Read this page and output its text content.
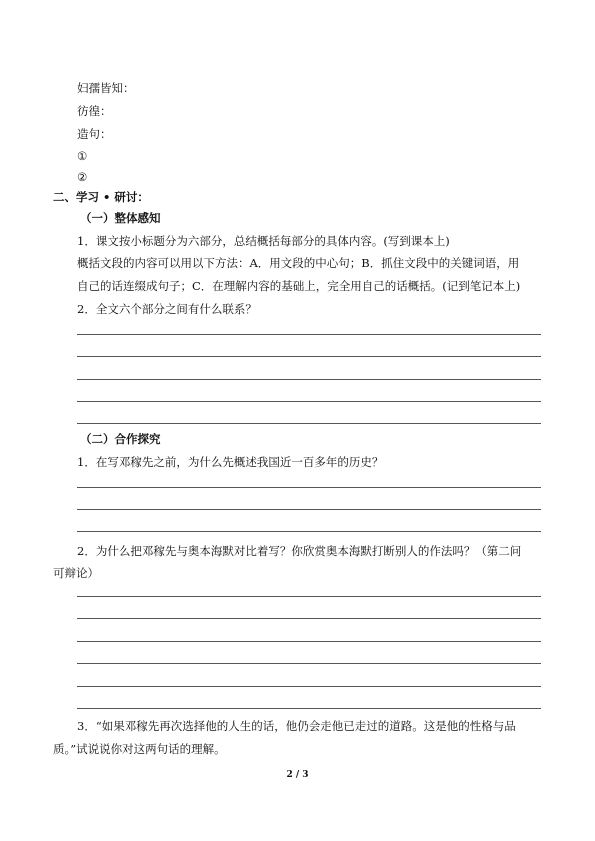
妇孺皆知：
彷徨：
造句：
①
②
二、学习 • 研讨：
（一）整体感知
1．课文按小标题分为六部分，总结概括每部分的具体内容。(写到课本上)
概括文段的内容可以用以下方法：A．用文段的中心句；B．抓住文段中的关键词语，用
自己的话连缀成句子；C．在理解内容的基础上，完全用自己的话概括。(记到笔记本上)
2．全文六个部分之间有什么联系？
（二）合作探究
1．在写邓稼先之前，为什么先概述我国近一百多年的历史？
2．为什么把邓稼先与奥本海默对比着写？你欣赏奥本海默打断别人的作法吗？（第二问
可辩论）
3．“如果邓稼先再次选择他的人生的话，他仍会走他已走过的道路。这是他的性格与品
质。”试说说你对这两句话的理解。
2 / 3
